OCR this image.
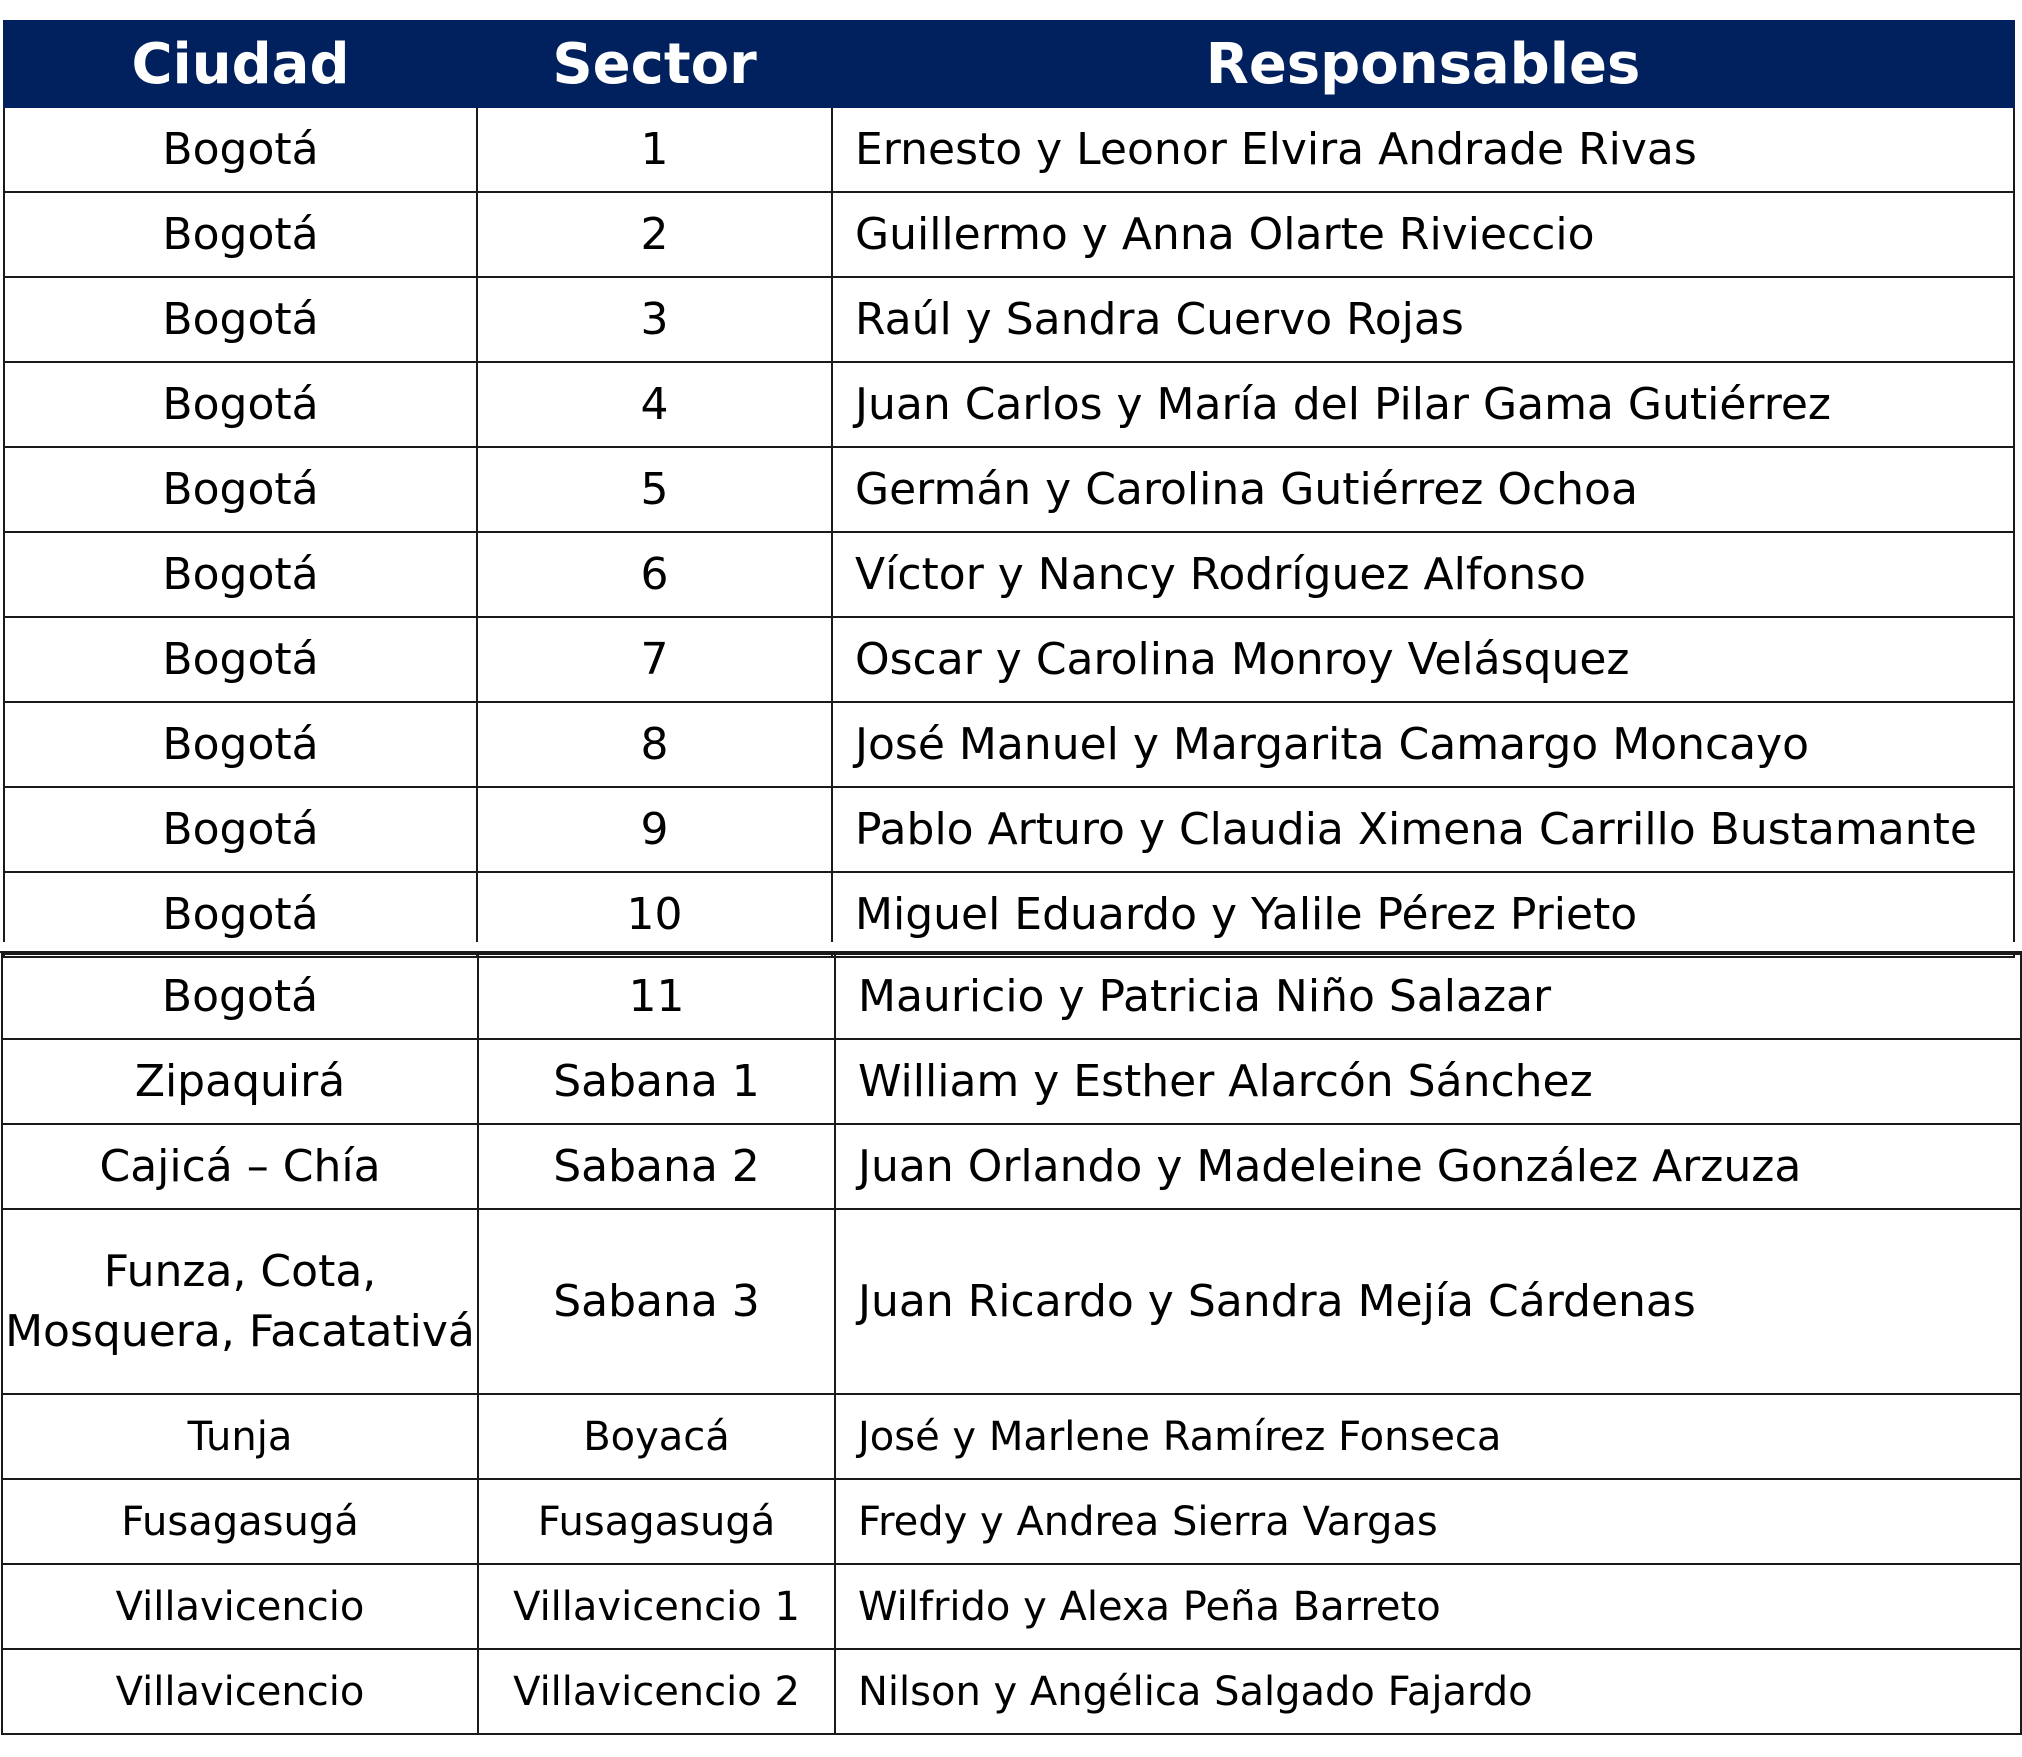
Ciudad	Sector	Responsables
Bogotá	1	Ernesto y Leonor Elvira Andrade Rivas
Bogotá	2	Guillermo y Anna Olarte Rivieccio
Bogotá	3	Raúl y Sandra Cuervo Rojas
Bogotá	4	Juan Carlos y María del Pilar Gama Gutiérrez
Bogotá	5	Germán y Carolina Gutiérrez Ochoa
Bogotá	6	Víctor y Nancy Rodríguez Alfonso
Bogotá	7	Oscar y Carolina Monroy Velásquez
Bogotá	8	José Manuel y Margarita Camargo Moncayo
Bogotá	9	Pablo Arturo y Claudia Ximena Carrillo Bustamante
Bogotá	10	Miguel Eduardo y Yalile Pérez Prieto
Bogotá	11	Mauricio y Patricia Niño Salazar
Zipaquirá	Sabana 1	William y Esther Alarcón Sánchez
Cajicá – Chía	Sabana 2	Juan Orlando y Madeleine González Arzuza
Funza, Cota, Mosquera, Facatativá	Sabana 3	Juan Ricardo y Sandra Mejía Cárdenas
Tunja	Boyacá	José y Marlene Ramírez Fonseca
Fusagasugá	Fusagasugá	Fredy y Andrea Sierra Vargas
Villavicencio	Villavicencio 1	Wilfrido y Alexa Peña Barreto
Villavicencio	Villavicencio 2	Nilson y Angélica Salgado Fajardo
